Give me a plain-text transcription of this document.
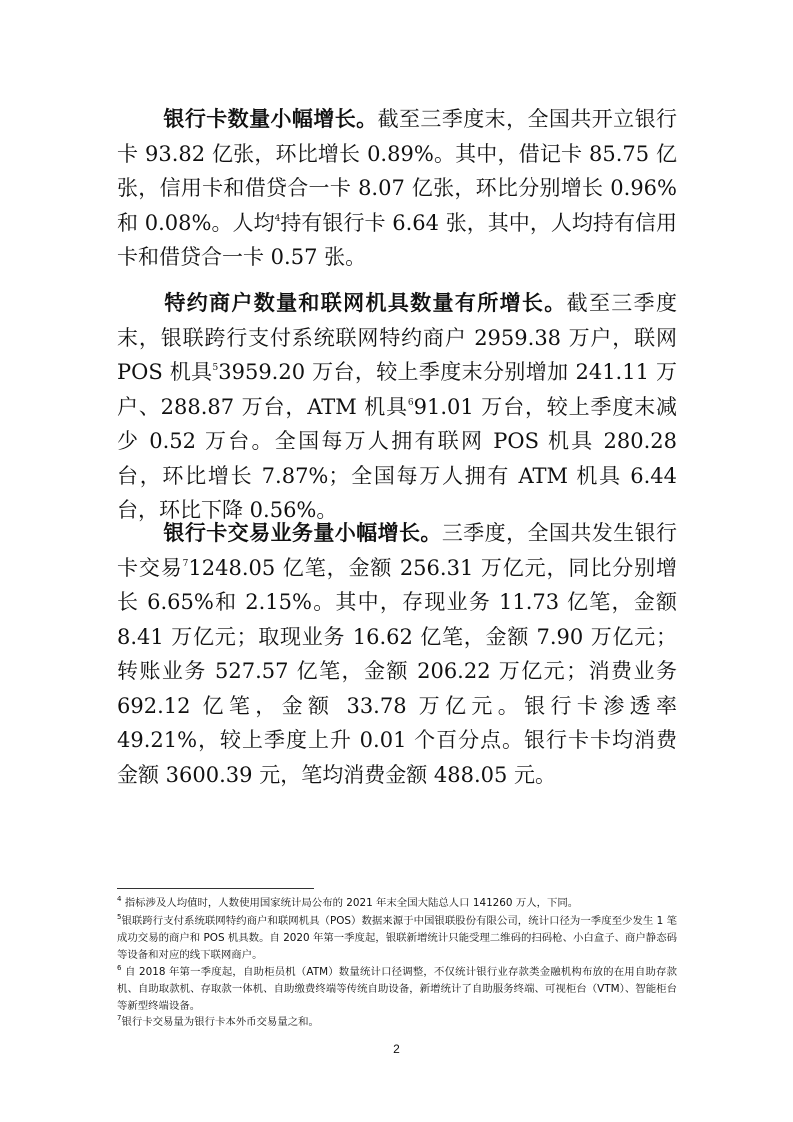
银行卡数量小幅增长。截至三季度末，全国共开立银行卡 93.82 亿张，环比增长 0.89%。其中，借记卡 85.75 亿张，信用卡和借贷合一卡 8.07 亿张，环比分别增长 0.96%和 0.08%。人均$^4$持有银行卡 6.64 张，其中，人均持有信用卡和借贷合一卡 0.57 张。

特约商户数量和联网机具数量有所增长。截至三季度末，银联跨行支付系统联网特约商户 2959.38 万户，联网 POS 机具$^5$3959.20 万台，较上季度末分别增加 241.11 万户、288.87 万台，ATM 机具$^6$91.01 万台，较上季度末减少 0.52 万台。全国每万人拥有联网 POS 机具 280.28 台，环比增长 7.87%；全国每万人拥有 ATM 机具 6.44 台，环比下降 0.56%。

银行卡交易业务量小幅增长。三季度，全国共发生银行卡交易$^7$1248.05 亿笔，金额 256.31 万亿元，同比分别增长 6.65%和 2.15%。其中，存现业务 11.73 亿笔，金额 8.41 万亿元；取现业务 16.62 亿笔，金额 7.90 万亿元；转账业务 527.57 亿笔，金额 206.22 万亿元；消费业务 692.12 亿笔，金额 33.78 万亿元。银行卡渗透率 49.21%，较上季度上升 0.01 个百分点。银行卡卡均消费金额 3600.39 元，笔均消费金额 488.05 元。

$^4$ 指标涉及人均值时，人数使用国家统计局公布的 2021 年末全国大陆总人口 141260 万人，下同。

$^5$银联跨行支付系统联网特约商户和联网机具（POS）数据来源于中国银联股份有限公司，统计口径为一季度至少发生 1 笔成功交易的商户和 POS 机具数。自 2020 年第一季度起，银联新增统计只能受理二维码的扫码枪、小白盒子、商户静态码等设备和对应的线下联网商户。

$^6$ 自 2018 年第一季度起，自助柜员机（ATM）数量统计口径调整，不仅统计银行业存款类金融机构布放的在用自助存款机、自助取款机、存取款一体机、自助缴费终端等传统自助设备，新增统计了自助服务终端、可视柜台（VTM）、智能柜台等新型终端设备。

$^7$银行卡交易量为银行卡本外币交易量之和。

2
